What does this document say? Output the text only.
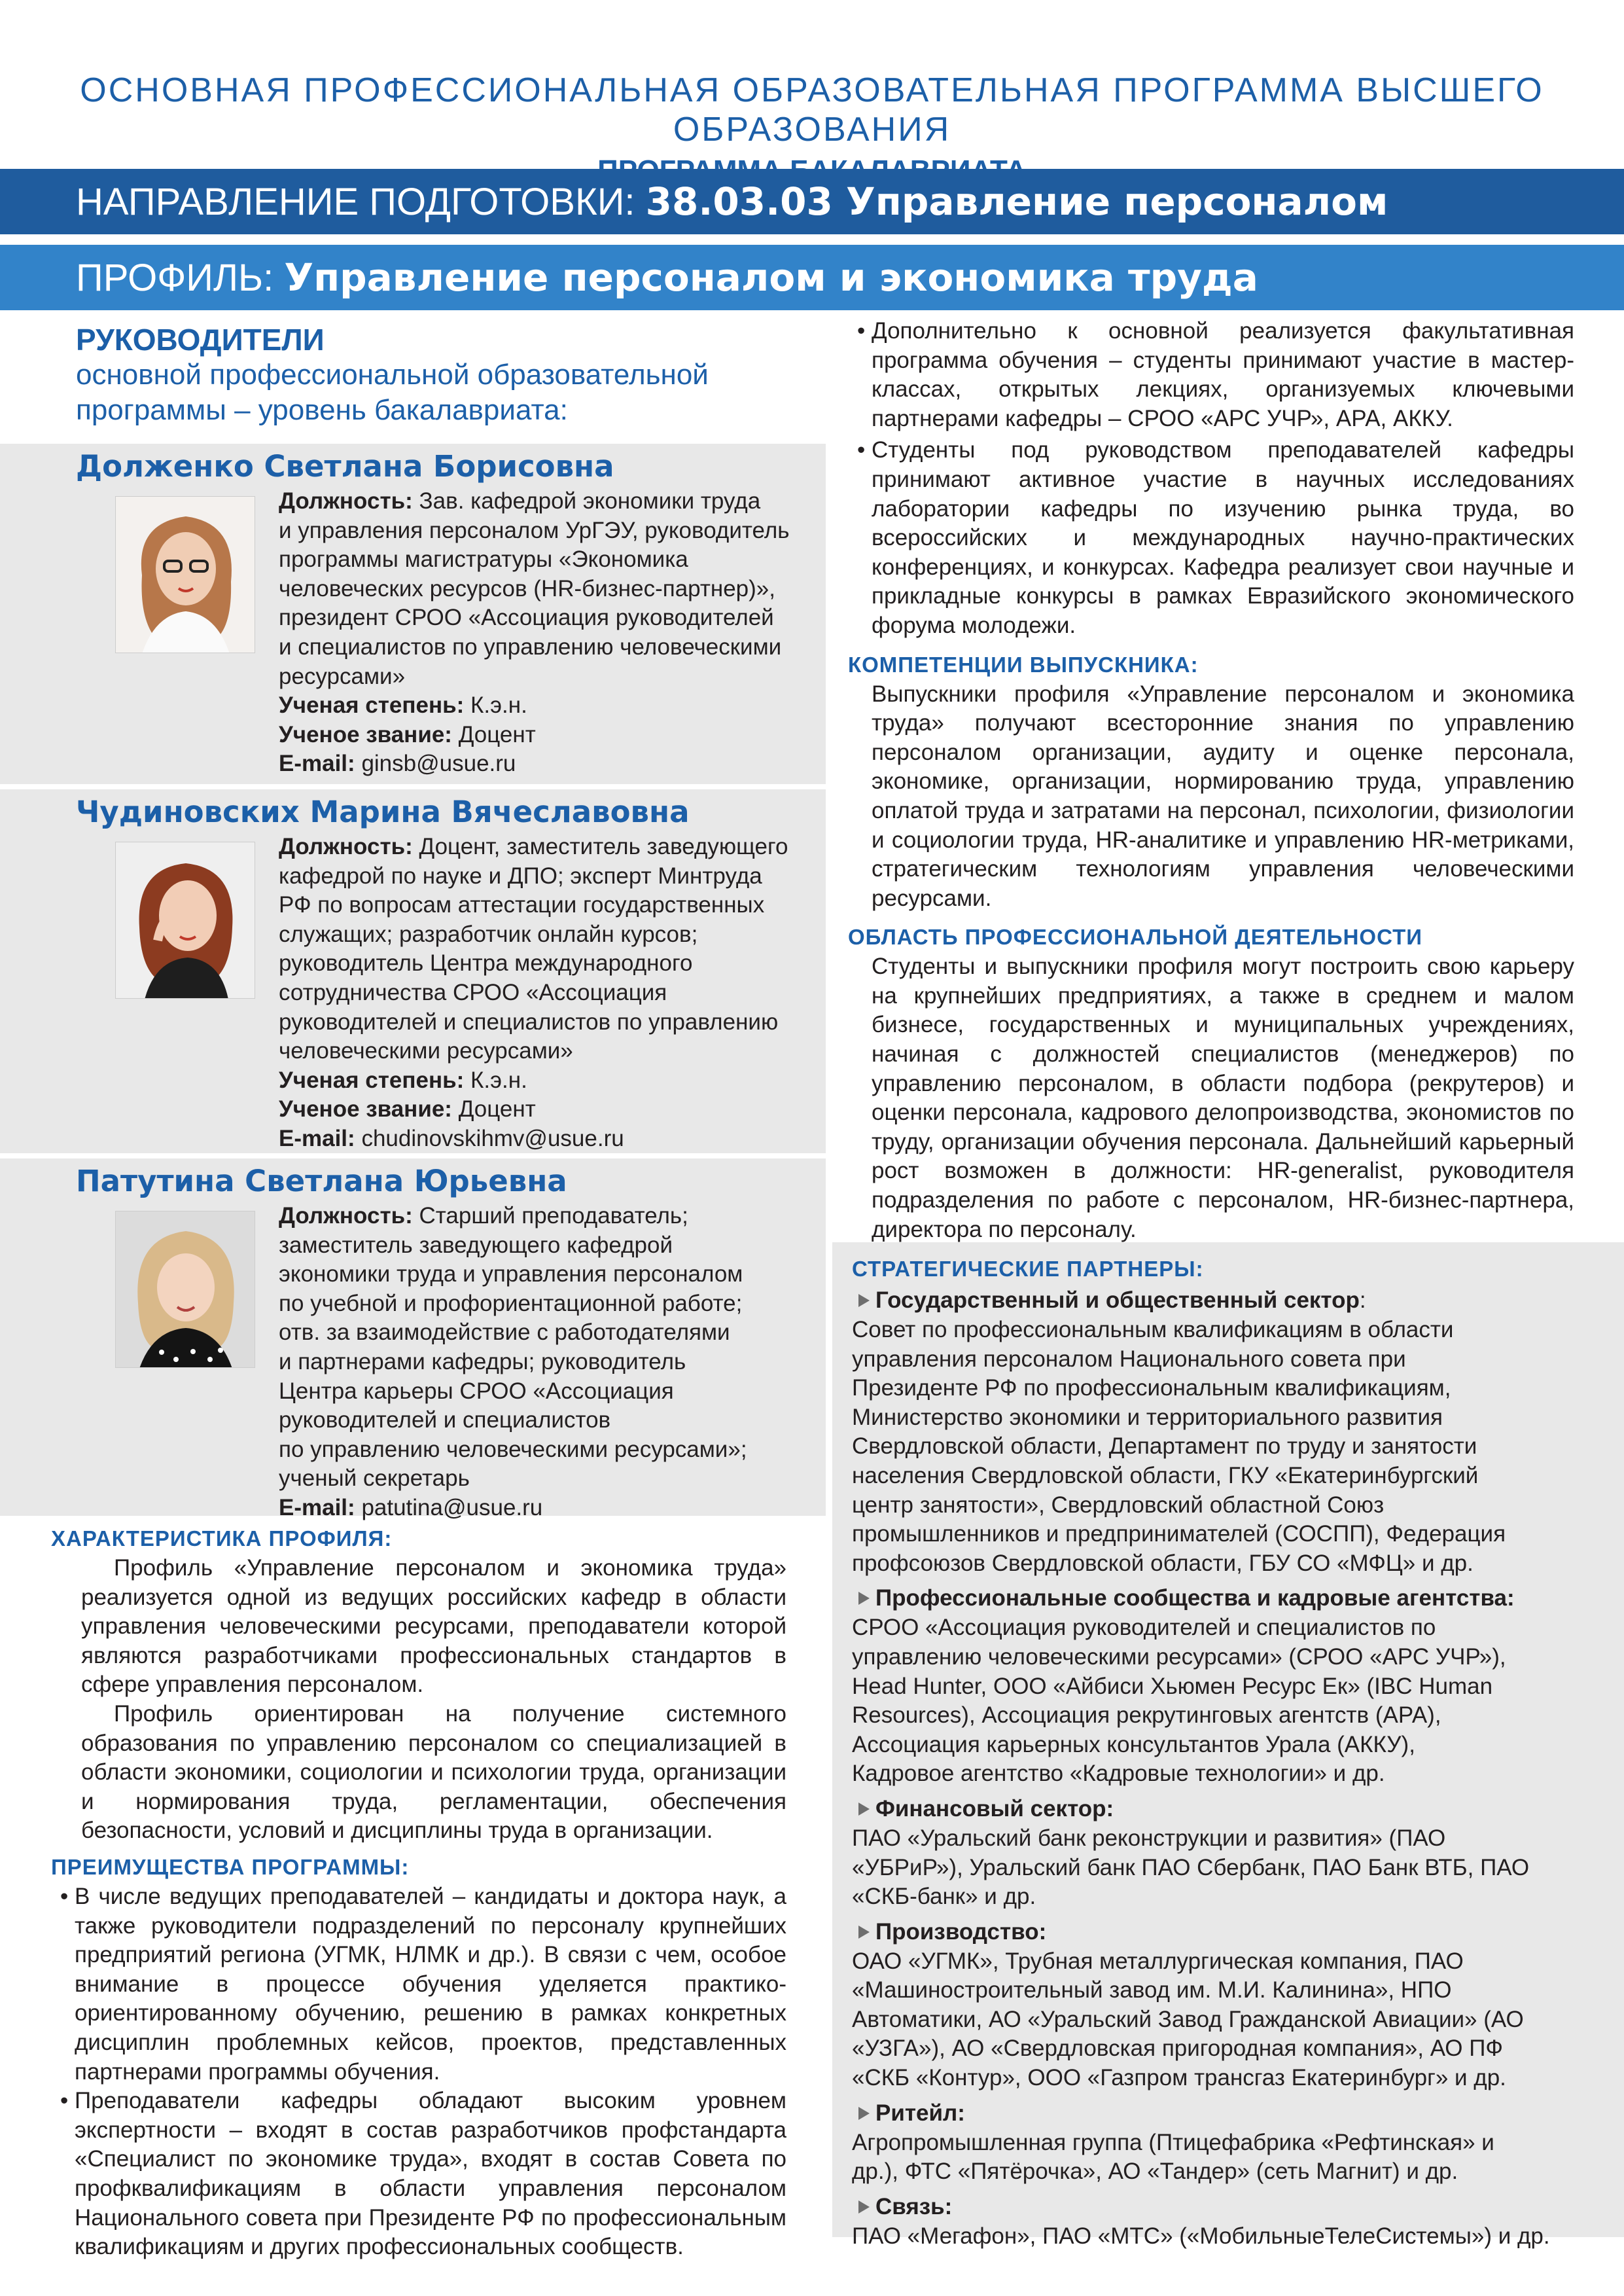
ОСНОВНАЯ ПРОФЕССИОНАЛЬНАЯ ОБРАЗОВАТЕЛЬНАЯ ПРОГРАММА ВЫСШЕГО ОБРАЗОВАНИЯ
НАПРАВЛЕНИЕ ПОДГОТОВКИ: 38.03.03 Управление персоналом
ПРОФИЛЬ: Управление персоналом и экономика труда
РУКОВОДИТЕЛИ
основной профессиональной образовательной
программы – уровень бакалавриата:
Долженко Светлана Борисовна
Должность: Зав. кафедрой экономики труда
и управления персоналом УрГЭУ, руководитель
программы магистратуры «Экономика
человеческих ресурсов (HR-бизнес-партнер)»,
президент СРОО «Ассоциация руководителей
и специалистов по управлению человеческими
ресурсами»
Ученая степень: К.э.н.
Ученое звание: Доцент
E-mail: ginsb@usue.ru
Чудиновских Марина Вячеславовна
Должность: Доцент, заместитель заведующего
кафедрой по науке и ДПО; эксперт Минтруда
РФ по вопросам аттестации государственных
служащих; разработчик онлайн курсов;
руководитель Центра международного
сотрудничества СРОО «Ассоциация
руководителей и специалистов по управлению
человеческими ресурсами»
Ученая степень: К.э.н.
Ученое звание: Доцент
E-mail: chudinovskihmv@usue.ru
Патутина Светлана Юрьевна
Должность: Старший преподаватель;
заместитель заведующего кафедрой
экономики труда и управления персоналом
по учебной и профориентационной работе;
отв. за взаимодействие с работодателями
и партнерами кафедры; руководитель
Центра карьеры СРОО «Ассоциация
руководителей и специалистов
по управлению человеческими ресурсами»;
ученый секретарь
E-mail: patutina@usue.ru
ХАРАКТЕРИСТИКА ПРОФИЛЯ:
Профиль «Управление персоналом и экономика труда» реализуется одной из ведущих российских кафедр в области управления человеческими ресурсами, преподаватели которой являются разработчиками профессиональных стандартов в сфере управления персоналом.
Профиль ориентирован на получение системного образования по управлению персоналом со специализацией в области экономики, социологии и психологии труда, организации и нормирования труда, регламентации, обеспечения безопасности, условий и дисциплины труда в организации.
ПРЕИМУЩЕСТВА ПРОГРАММЫ:
• В числе ведущих преподавателей – кандидаты и доктора наук, а также руководители подразделений по персоналу крупнейших предприятий региона (УГМК, НЛМК и др.). В связи с чем, особое внимание в процессе обучения уделяется практико-ориентированному обучению, решению в рамках конкретных дисциплин проблемных кейсов, проектов, представленных партнерами программы обучения.
• Преподаватели кафедры обладают высоким уровнем экспертности – входят в состав разработчиков профстандарта «Специалист по экономике труда», входят в состав Совета по профквалификациям в области управления персоналом Национального совета при Президенте РФ по профессиональным квалификациям и других профессиональных сообществ.
• Дополнительно к основной реализуется факультативная программа обучения – студенты принимают участие в мастер-классах, открытых лекциях, организуемых ключевыми партнерами кафедры – СРОО «АРС УЧР», АРА, АККУ.
• Студенты под руководством преподавателей кафедры принимают активное участие в научных исследованиях лаборатории кафедры по изучению рынка труда, во всероссийских и международных научно-практических конференциях, и конкурсах. Кафедра реализует свои научные и прикладные конкурсы в рамках Евразийского экономического форума молодежи.
КОМПЕТЕНЦИИ ВЫПУСКНИКА:
Выпускники профиля «Управление персоналом и экономика труда» получают всесторонние знания по управлению персоналом организации, аудиту и оценке персонала, экономике, организации, нормированию труда, управлению оплатой труда и затратами на персонал, психологии, физиологии и социологии труда, HR-аналитике и управлению HR-метриками, стратегическим технологиям управления человеческими ресурсами.
ОБЛАСТЬ ПРОФЕССИОНАЛЬНОЙ ДЕЯТЕЛЬНОСТИ
Студенты и выпускники профиля могут построить свою карьеру на крупнейших предприятиях, а также в среднем и малом бизнесе, государственных и муниципальных учреждениях, начиная с должностей специалистов (менеджеров) по управлению персоналом, в области подбора (рекрутеров) и оценки персонала, кадрового делопроизводства, экономистов по труду, организации обучения персонала. Дальнейший карьерный рост возможен в должности: HR-generalist, руководителя подразделения по работе с персоналом, HR-бизнес-партнера, директора по персоналу.
СТРАТЕГИЧЕСКИЕ ПАРТНЕРЫ:
Государственный и общественный сектор:
Совет по профессиональным квалификациям в области
управления персоналом Национального совета при
Президенте РФ по профессиональным квалификациям,
Министерство экономики и территориального развития
Свердловской области, Департамент по труду и занятости
населения Свердловской области, ГКУ «Екатеринбургский
центр занятости», Свердловский областной Союз
промышленников и предпринимателей (СОСПП), Федерация
профсоюзов Свердловской области, ГБУ СО «МФЦ» и др.
Профессиональные сообщества и кадровые агентства:
СРОО «Ассоциация руководителей и специалистов по
управлению человеческими ресурсами» (СРОО «АРС УЧР»),
Head Hunter, ООО «Айбиси Хьюмен Ресурс Ек» (IBC Human
Resources), Ассоциация рекрутинговых агентств (АРА),
Ассоциация карьерных консультантов Урала (АККУ),
Кадровое агентство «Кадровые технологии» и др.
Финансовый сектор:
ПАО «Уральский банк реконструкции и развития» (ПАО
«УБРиР»), Уральский банк ПАО Сбербанк, ПАО Банк ВТБ, ПАО
«СКБ-банк» и др.
Производство:
ОАО «УГМК», Трубная металлургическая компания, ПАО
«Машиностроительный завод им. М.И. Калинина», НПО
Автоматики, АО «Уральский Завод Гражданской Авиации» (АО
«УЗГА»), АО «Свердловская пригородная компания», АО ПФ
«СКБ «Контур», ООО «Газпром трансгаз Екатеринбург» и др.
Ритейл:
Агропромышленная группа (Птицефабрика «Рефтинская» и
др.), ФТС «Пятёрочка», АО «Тандер» (сеть Магнит) и др.
Связь:
ПАО «Мегафон», ПАО «МТС» («МобильныеТелеСистемы») и др.
